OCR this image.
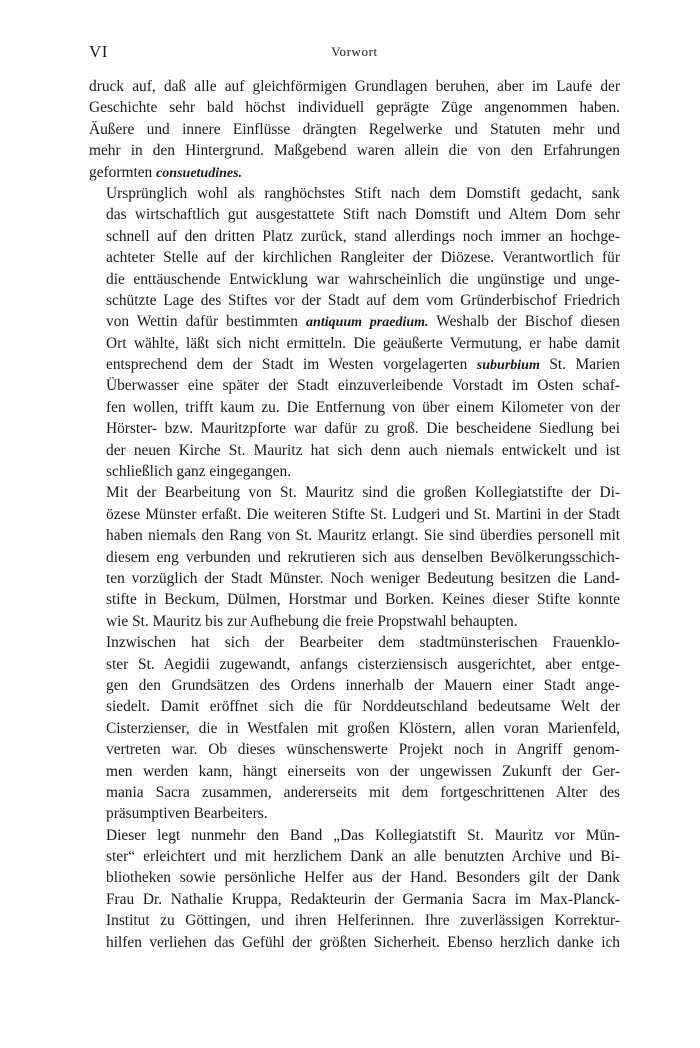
VI	Vorwort
druck auf, daß alle auf gleichförmigen Grundlagen beruhen, aber im Laufe der
Geschichte sehr bald höchst individuell geprägte Züge angenommen haben.
Äußere und innere Einflüsse drängten Regelwerke und Statuten mehr und
mehr in den Hintergrund. Maßgebend waren allein die von den Erfahrungen
geformten consuetudines.
Ursprünglich wohl als ranghöchstes Stift nach dem Domstift gedacht, sank
das wirtschaftlich gut ausgestattete Stift nach Domstift und Altem Dom sehr
schnell auf den dritten Platz zurück, stand allerdings noch immer an hochge-
achteter Stelle auf der kirchlichen Rangleiter der Diözese. Verantwortlich für
die enttäuschende Entwicklung war wahrscheinlich die ungünstige und unge-
schützte Lage des Stiftes vor der Stadt auf dem vom Gründerbischof Friedrich
von Wettin dafür bestimmten antiquum praedium. Weshalb der Bischof diesen
Ort wählte, läßt sich nicht ermitteln. Die geäußerte Vermutung, er habe damit
entsprechend dem der Stadt im Westen vorgelagerten suburbium St. Marien
Überwasser eine später der Stadt einzuverleibende Vorstadt im Osten schaf-
fen wollen, trifft kaum zu. Die Entfernung von über einem Kilometer von der
Hörster- bzw. Mauritzpforte war dafür zu groß. Die bescheidene Siedlung bei
der neuen Kirche St. Mauritz hat sich denn auch niemals entwickelt und ist
schließlich ganz eingegangen.
Mit der Bearbeitung von St. Mauritz sind die großen Kollegiatstifte der Di-
özese Münster erfaßt. Die weiteren Stifte St. Ludgeri und St. Martini in der Stadt
haben niemals den Rang von St. Mauritz erlangt. Sie sind überdies personell mit
diesem eng verbunden und rekrutieren sich aus denselben Bevölkerungsschich-
ten vorzüglich der Stadt Münster. Noch weniger Bedeutung besitzen die Land-
stifte in Beckum, Dülmen, Horstmar und Borken. Keines dieser Stifte konnte
wie St. Mauritz bis zur Aufhebung die freie Propstwahl behaupten.
Inzwischen hat sich der Bearbeiter dem stadtmünsterischen Frauenklo-
ster St. Aegidii zugewandt, anfangs cisterziensisch ausgerichtet, aber entge-
gen den Grundsätzen des Ordens innerhalb der Mauern einer Stadt ange-
siedelt. Damit eröffnet sich die für Norddeutschland bedeutsame Welt der
Cisterzienser, die in Westfalen mit großen Klöstern, allen voran Marienfeld,
vertreten war. Ob dieses wünschenswerte Projekt noch in Angriff genom-
men werden kann, hängt einerseits von der ungewissen Zukunft der Ger-
mania Sacra zusammen, andererseits mit dem fortgeschrittenen Alter des
präsumptiven Bearbeiters.
Dieser legt nunmehr den Band „Das Kollegiatstift St. Mauritz vor Mün-
ster“ erleichtert und mit herzlichem Dank an alle benutzten Archive und Bi-
bliotheken sowie persönliche Helfer aus der Hand. Besonders gilt der Dank
Frau Dr. Nathalie Kruppa, Redakteurin der Germania Sacra im Max-Planck-
Institut zu Göttingen, und ihren Helferinnen. Ihre zuverlässigen Korrektur-
hilfen verliehen das Gefühl der größten Sicherheit. Ebenso herzlich danke ich
